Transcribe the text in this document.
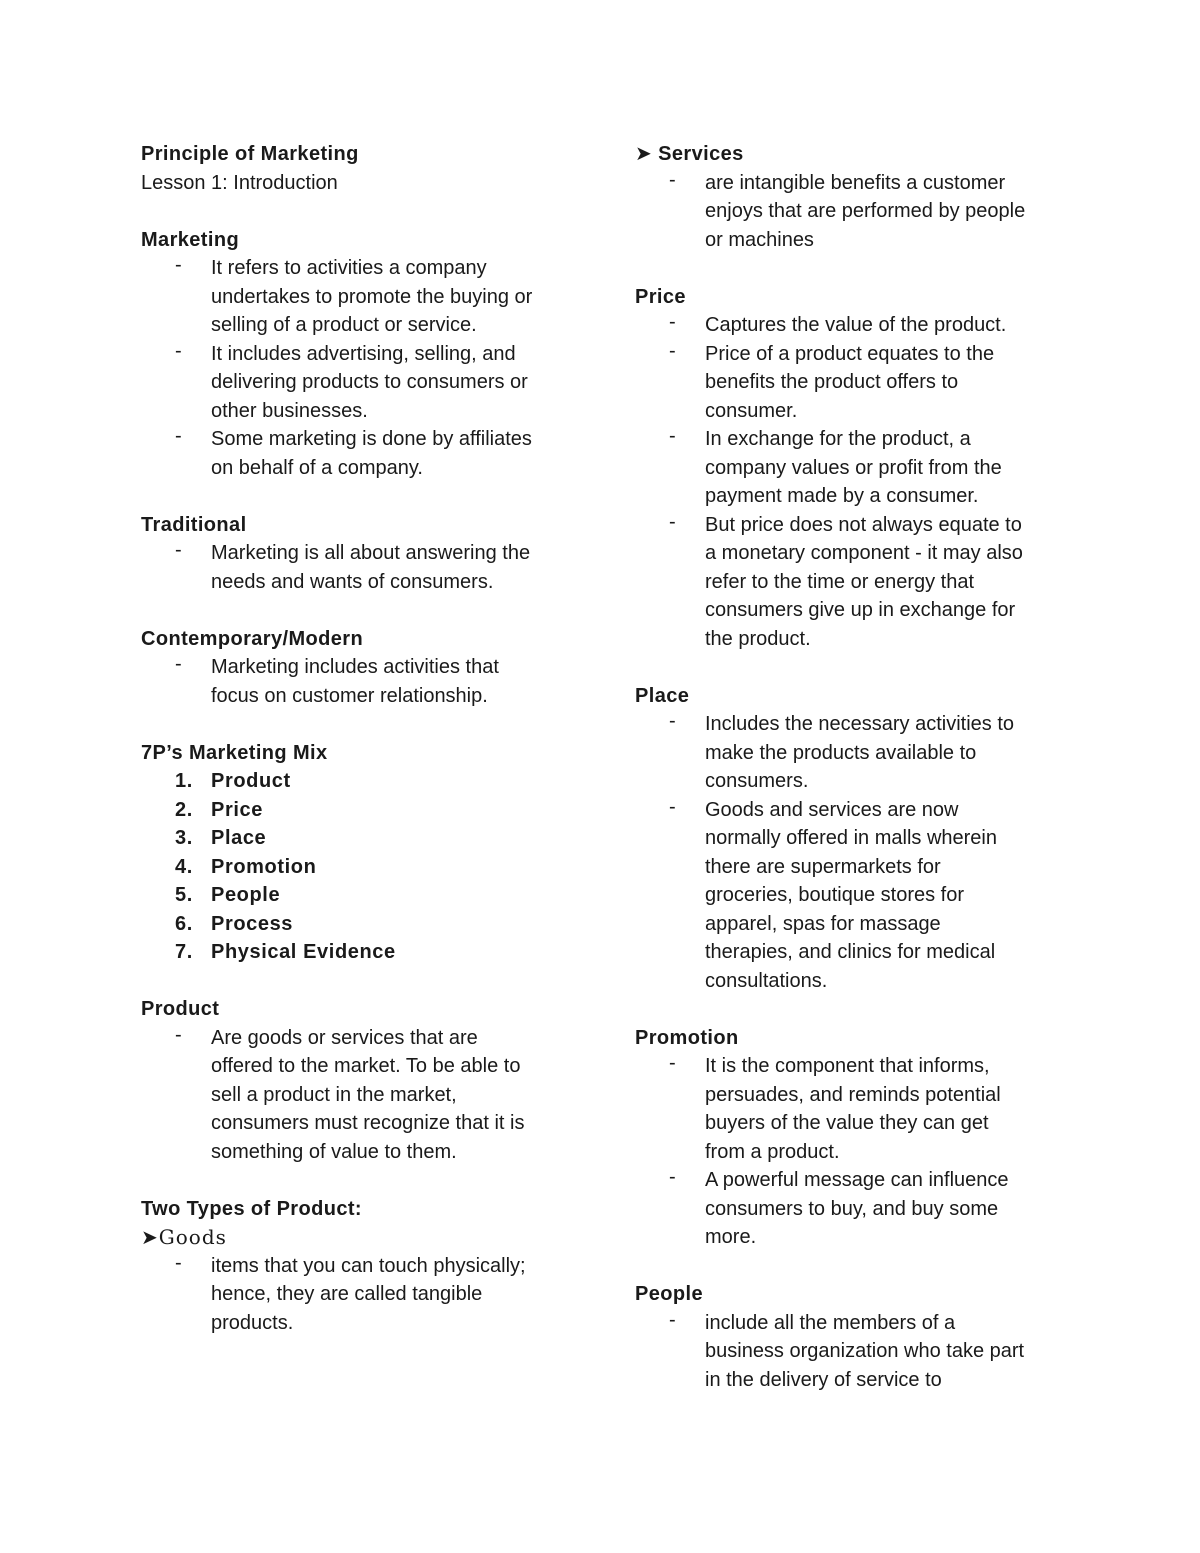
Principle of Marketing
Lesson 1: Introduction
Marketing
- It refers to activities a company
undertakes to promote the buying or
selling of a product or service.
- It includes advertising, selling, and
delivering products to consumers or
other businesses.
- Some marketing is done by affiliates
on behalf of a company.
Traditional
- Marketing is all about answering the
needs and wants of consumers.
Contemporary/Modern
- Marketing includes activities that
focus on customer relationship.
7P’s Marketing Mix
1. Product
2. Price
3. Place
4. Promotion
5. People
6. Process
7. Physical Evidence
Product
- Are goods or services that are
offered to the market. To be able to
sell a product in the market,
consumers must recognize that it is
something of value to them.
Two Types of Product:
➤Goods
- items that you can touch physically;
hence, they are called tangible
products.
➤ Services
- are intangible benefits a customer
enjoys that are performed by people
or machines
Price
- Captures the value of the product.
- Price of a product equates to the
benefits the product offers to
consumer.
- In exchange for the product, a
company values or profit from the
payment made by a consumer.
- But price does not always equate to
a monetary component - it may also
refer to the time or energy that
consumers give up in exchange for
the product.
Place
- Includes the necessary activities to
make the products available to
consumers.
- Goods and services are now
normally offered in malls wherein
there are supermarkets for
groceries, boutique stores for
apparel, spas for massage
therapies, and clinics for medical
consultations.
Promotion
- It is the component that informs,
persuades, and reminds potential
buyers of the value they can get
from a product.
- A powerful message can influence
consumers to buy, and buy some
more.
People
- include all the members of a
business organization who take part
in the delivery of service to
